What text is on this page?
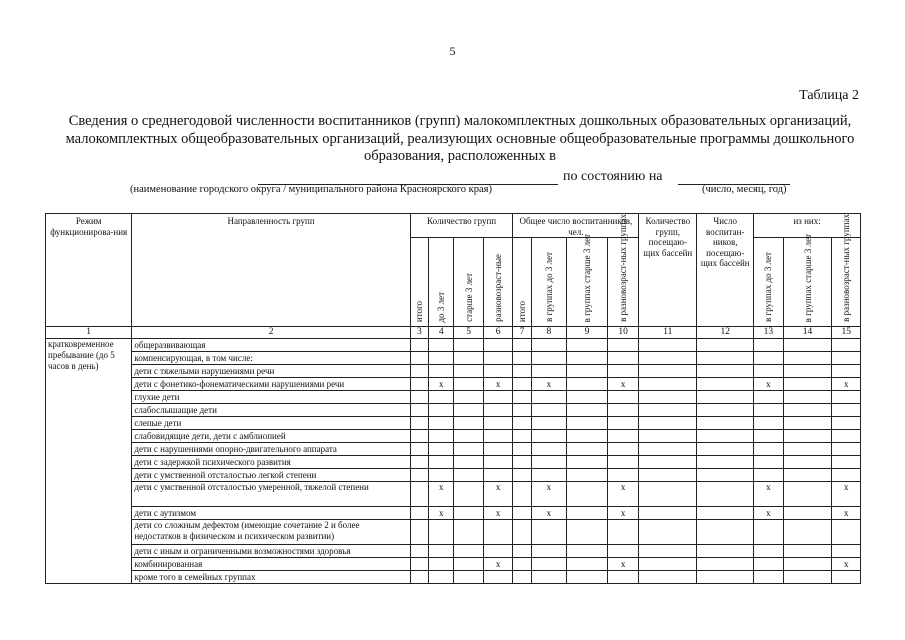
5
Таблица 2
Сведения о среднегодовой численности воспитанников (групп) малокомплектных дошкольных образовательных организаций, малокомплектных общеобразовательных организаций, реализующих основные общеобразовательные программы дошкольного образования, расположенных в
по состоянию на
(наименование городского округа / муниципального района Красноярского края)	(число, месяц, год)
Режим функционирова-ния	Направленность групп	Количество групп				Общее число воспитанников, чел.				Количество групп, посещаю-щих бассейн	Число воспитан-ников, посещаю-щих бассейн	из них:		

		итого	до 3 лет	старше 3 лет	разновозраст-ные	итого	в группах до 3 лет	в группах старше 3 лет	в разновозраст-ных группах			в группах до 3 лет	в группах старше 3 лет	в разновозраст-ных группах

1	2	3	4	5	6	7	8	9	10	11	12	13	14	15
кратковременное пребывание (до 5 часов в день)	общеразвивающая													
	компенсирующая, в том числе:													
	дети с тяжелыми нарушениями речи													
	дети с фонетико-фонематическими нарушениями речи		x		x		x		x			x		x
	глухие дети													
	слабослышащие дети													
	слепые дети													
	слабовидящие дети, дети с амблиопией													
	дети с нарушениями опорно-двигательного аппарата													
	дети с задержкой психического развития													
	дети с умственной отсталостью легкой степени													
	дети с умственной отсталостью умеренной, тяжелой степени		x		x		x		x			x		x
	дети с аутизмом		x		x		x		x			x		x
	дети со сложным дефектом (имеющие сочетание 2 и более недостатков в физическом и психическом развитии)													
	дети с иным и ограниченными возможностями здоровья													
	комбинированная				x				x					x
	кроме того в семейных группах													
